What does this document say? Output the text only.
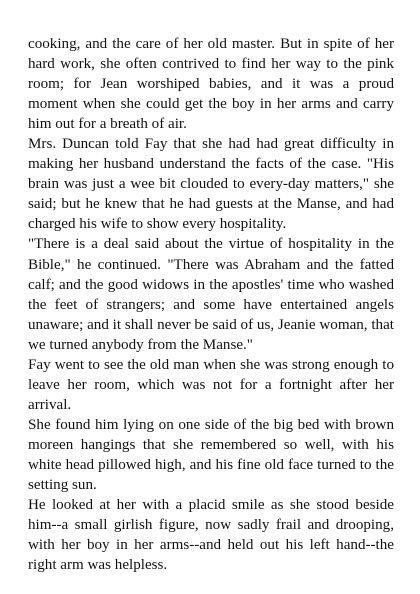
cooking, and the care of her old master. But in spite of her hard work, she often contrived to find her way to the pink room; for Jean worshiped babies, and it was a proud moment when she could get the boy in her arms and carry him out for a breath of air.

Mrs. Duncan told Fay that she had had great difficulty in making her husband understand the facts of the case. "His brain was just a wee bit clouded to every-day matters," she said; but he knew that he had guests at the Manse, and had charged his wife to show every hospitality.

"There is a deal said about the virtue of hospitality in the Bible," he continued. "There was Abraham and the fatted calf; and the good widows in the apostles' time who washed the feet of strangers; and some have entertained angels unaware; and it shall never be said of us, Jeanie woman, that we turned anybody from the Manse."

Fay went to see the old man when she was strong enough to leave her room, which was not for a fortnight after her arrival.

She found him lying on one side of the big bed with brown moreen hangings that she remembered so well, with his white head pillowed high, and his fine old face turned to the setting sun.

He looked at her with a placid smile as she stood beside him--a small girlish figure, now sadly frail and drooping, with her boy in her arms--and held out his left hand--the right arm was helpless.
